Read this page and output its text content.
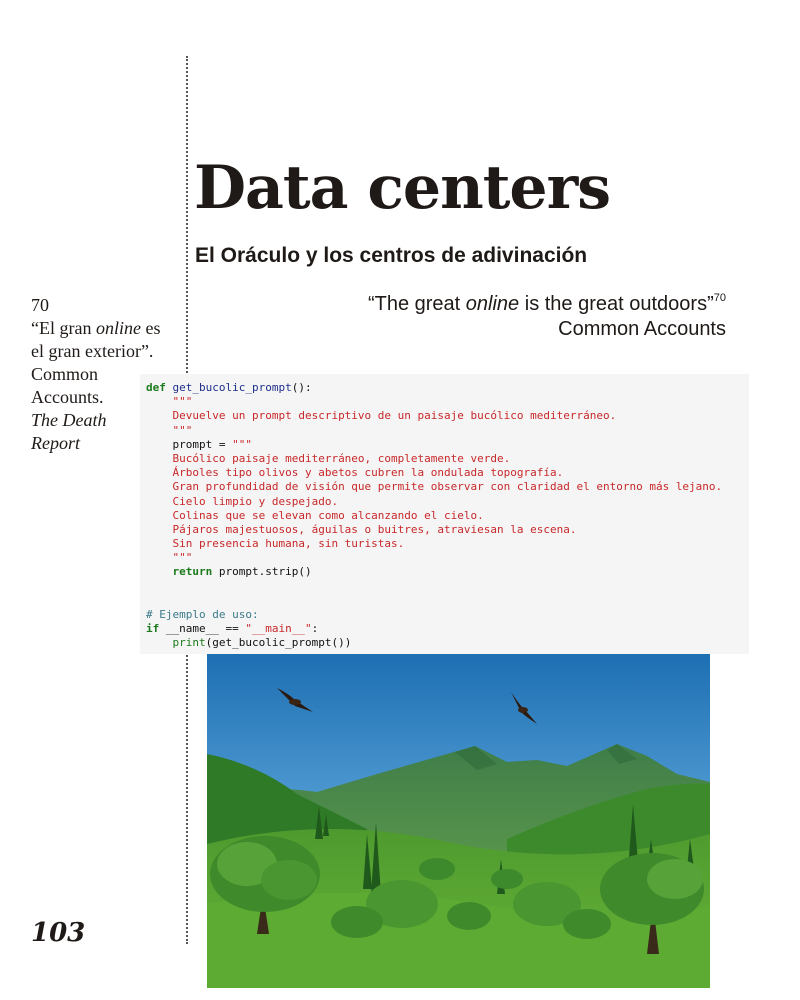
Data centers
El Oráculo y los centros de adivinación
“The great online is the great outdoors”$^{70}$
Common Accounts
70
“El gran online es
el gran exterior”.
Common
Accounts.
The Death
Report
def get_bucolic_prompt():
"""
Devuelve un prompt descriptivo de un paisaje bucólico mediterráneo.
"""
prompt = """
Bucólico paisaje mediterráneo, completamente verde.
Árboles tipo olivos y abetos cubren la ondulada topografía.
Gran profundidad de visión que permite observar con claridad el entorno más lejano.
Cielo limpio y despejado.
Colinas que se elevan como alcanzando el cielo.
Pájaros majestuosos, águilas o buitres, atraviesan la escena.
Sin presencia humana, sin turistas.
"""
return prompt.strip()
# Ejemplo de uso:
if __name__ == "__main__":
print(get_bucolic_prompt())
103
